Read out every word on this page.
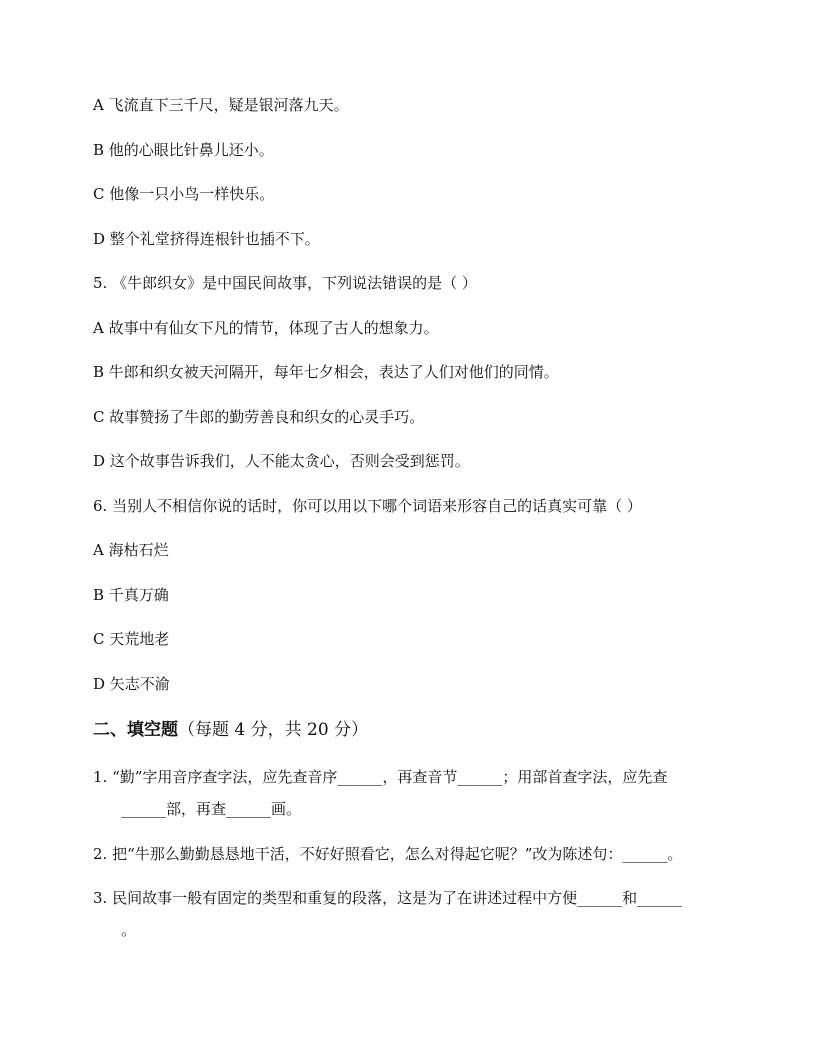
A 飞流直下三千尺，疑是银河落九天。
B 他的心眼比针鼻儿还小。
C 他像一只小鸟一样快乐。
D 整个礼堂挤得连根针也插不下。
5. 《牛郎织女》是中国民间故事，下列说法错误的是（ ）
A 故事中有仙女下凡的情节，体现了古人的想象力。
B 牛郎和织女被天河隔开，每年七夕相会，表达了人们对他们的同情。
C 故事赞扬了牛郎的勤劳善良和织女的心灵手巧。
D 这个故事告诉我们，人不能太贪心，否则会受到惩罚。
6. 当别人不相信你说的话时，你可以用以下哪个词语来形容自己的话真实可靠（ ）
A 海枯石烂
B 千真万确
C 天荒地老
D 矢志不渝
二、填空题（每题 4 分，共 20 分）
1. “勤”字用音序查字法，应先查音序______，再查音节______；用部首查字法，应先查
______部，再查______画。
2. 把“牛那么勤勤恳恳地干活，不好好照看它，怎么对得起它呢？”改为陈述句：______。
3. 民间故事一般有固定的类型和重复的段落，这是为了在讲述过程中方便______和______
。
